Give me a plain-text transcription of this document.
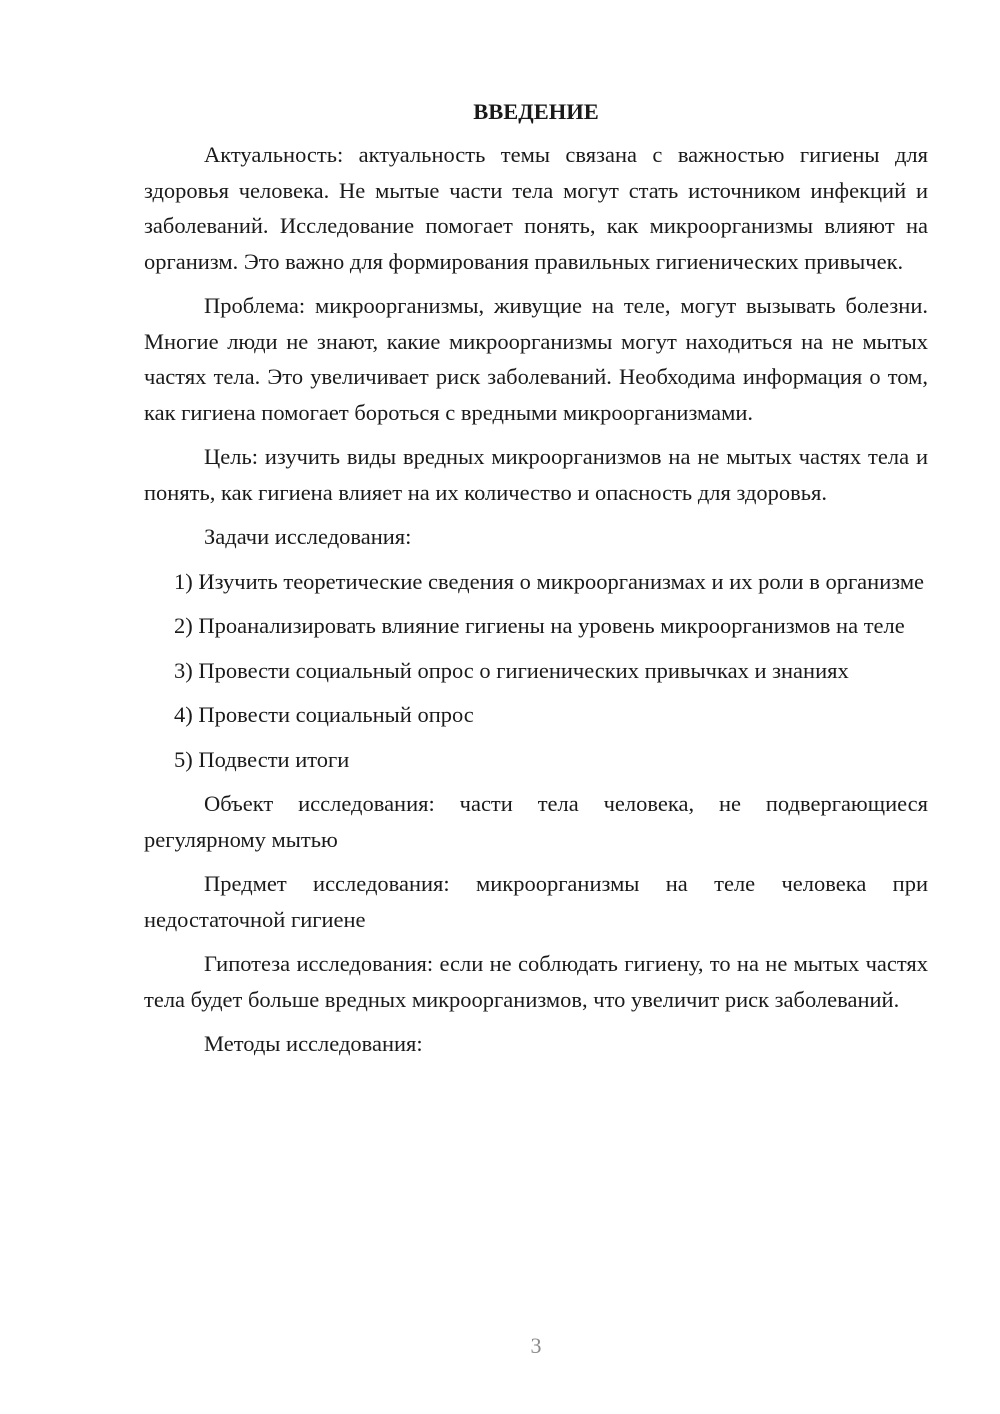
ВВЕДЕНИЕ

Актуальность: актуальность темы связана с важностью гигиены для здоровья человека. Не мытые части тела могут стать источником инфекций и заболеваний. Исследование помогает понять, как микроорганизмы влияют на организм. Это важно для формирования правильных гигиенических привычек.

Проблема: микроорганизмы, живущие на теле, могут вызывать болезни. Многие люди не знают, какие микроорганизмы могут находиться на не мытых частях тела. Это увеличивает риск заболеваний. Необходима информация о том, как гигиена помогает бороться с вредными микроорганизмами.

Цель: изучить виды вредных микроорганизмов на не мытых частях тела и понять, как гигиена влияет на их количество и опасность для здоровья.

Задачи исследования:

1) Изучить теоретические сведения о микроорганизмах и их роли в организме

2) Проанализировать влияние гигиены на уровень микроорганизмов на теле

3) Провести социальный опрос о гигиенических привычках и знаниях

4) Провести социальный опрос

5) Подвести итоги

Объект исследования: части тела человека, не подвергающиеся регулярному мытью

Предмет исследования: микроорганизмы на теле человека при недостаточной гигиене

Гипотеза исследования: если не соблюдать гигиену, то на не мытых частях тела будет больше вредных микроорганизмов, что увеличит риск заболеваний.

Методы исследования:

3
